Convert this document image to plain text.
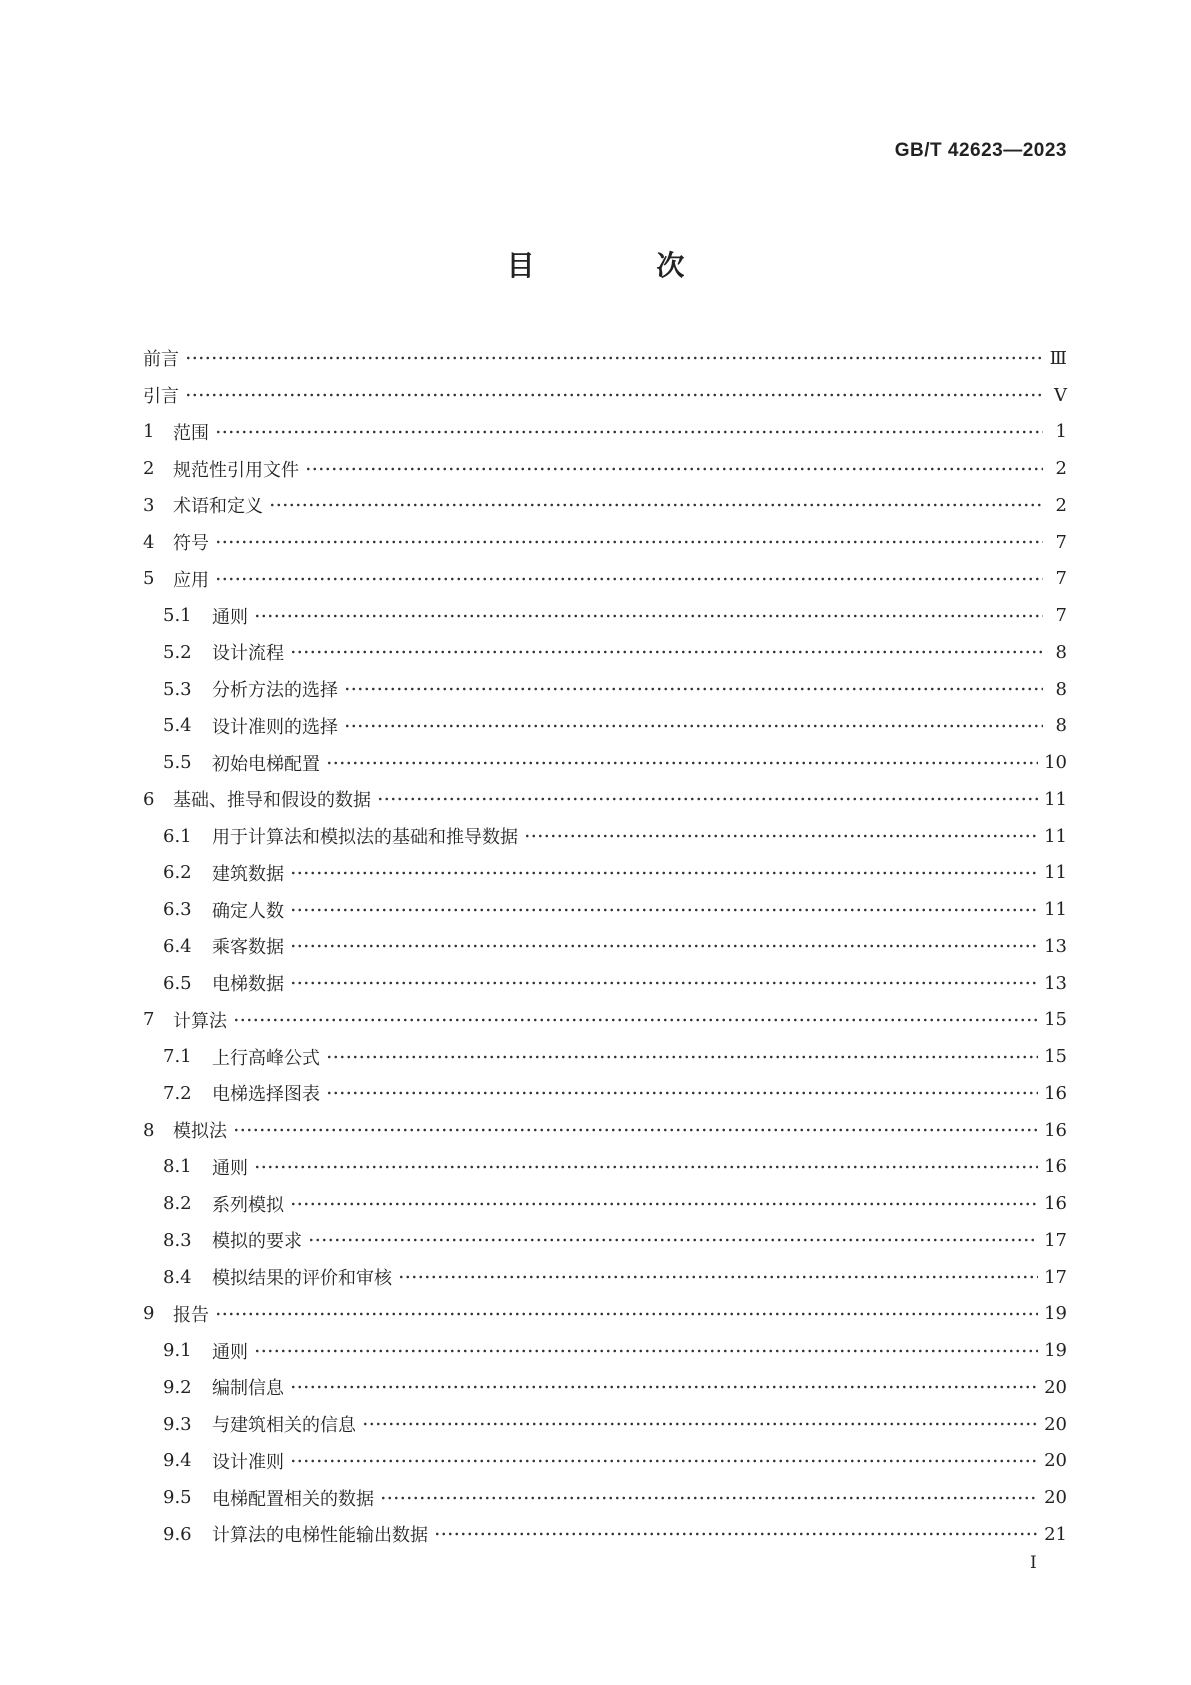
GB/T 42623—2023
目 次
前言	Ⅲ
引言	Ⅴ
1	范围	1
2	规范性引用文件	2
3	术语和定义	2
4	符号	7
5	应用	7
5.1	通则	7
5.2	设计流程	8
5.3	分析方法的选择	8
5.4	设计准则的选择	8
5.5	初始电梯配置	10
6	基础、推导和假设的数据	11
6.1	用于计算法和模拟法的基础和推导数据	11
6.2	建筑数据	11
6.3	确定人数	11
6.4	乘客数据	13
6.5	电梯数据	13
7	计算法	15
7.1	上行高峰公式	15
7.2	电梯选择图表	16
8	模拟法	16
8.1	通则	16
8.2	系列模拟	16
8.3	模拟的要求	17
8.4	模拟结果的评价和审核	17
9	报告	19
9.1	通则	19
9.2	编制信息	20
9.3	与建筑相关的信息	20
9.4	设计准则	20
9.5	电梯配置相关的数据	20
9.6	计算法的电梯性能输出数据	21
I
